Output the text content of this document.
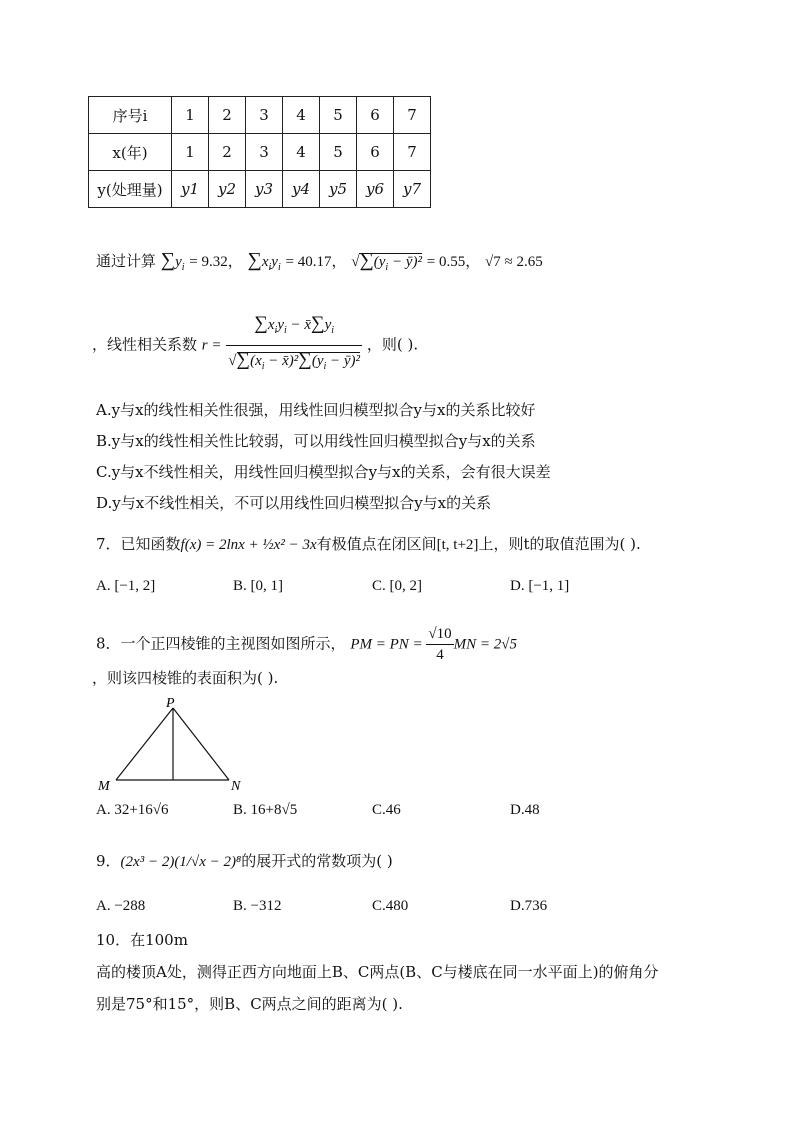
序号i	1	2	3	4	5	6	7
x(年)	1	2	3	4	5	6	7
y(处理量)	y1	y2	y3	y4	y5	y6	y7
通过计算 $\sum y_i = 9.32$， $\sum x_iy_i = 40.17$， $√\sum(y_i$ − ȳ)² = 0.55， √7 ≈ 2.65
，线性相关系数 $r = \frac{\sum x_iy_i - x̄\sum y_i}{√\sum(x_i - x̄)^2\sum(y_i - ȳ)^2}$ ，则( ).
A.y与x的线性相关性很强，用线性回归模型拟合y与x的关系比较好
B.y与x的线性相关性比较弱，可以用线性回归模型拟合y与x的关系
C.y与x不线性相关，用线性回归模型拟合y与x的关系，会有很大误差
D.y与x不线性相关，不可以用线性回归模型拟合y与x的关系
7．已知函数f(x) = 2lnx + ½x² − 3x有极值点在闭区间[t, t+2]上，则t的取值范围为( ).
A. [−1, 2]	B. [0, 1]	C. [0, 2]	D. [−1, 1]
8．一个正四棱锥的主视图如图所示， PM = PN = $\frac{√10}{4}$ MN = 2√5
，则该四棱锥的表面积为( ).
P
M	N
A. 32+16√6	B. 16+8√5	C.46	D.48
9．(2x³ − 2)(1/√x − 2)⁸的展开式的常数项为( )
A. −288	B. −312	C.480	D.736
10．在100m
高的楼顶A处，测得正西方向地面上B、C两点(B、C与楼底在同一水平面上)的俯角分
别是75°和15°，则B、C两点之间的距离为( ).
